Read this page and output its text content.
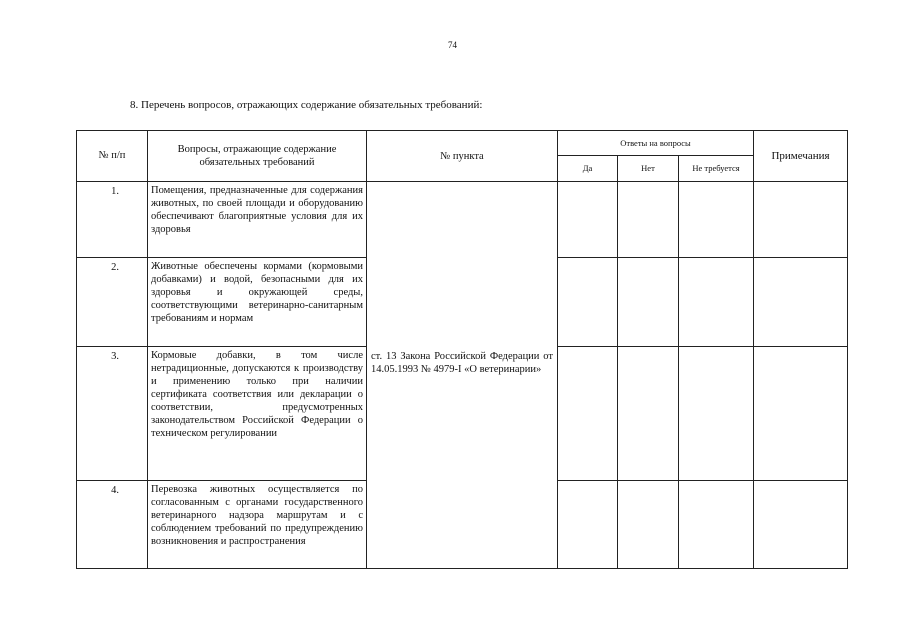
74
8. Перечень вопросов, отражающих содержание обязательных требований:
№ п/п	Вопросы, отражающие содержание обязательных требований	№ пункта	Ответы на вопросы			Примечания
			Да	Нет	Не требуется	
1.	Помещения, предназначенные для содержания животных, по своей площади и оборудованию обеспечивают благоприятные условия для их здоровья	ст. 13 Закона Российской Федерации от 14.05.1993 № 4979-I «О ветеринарии»				

2.	Животные обеспечены кормами (кормовыми добавками) и водой, безопасными для их здоровья и окружающей среды, соответствующими ветеринарно-санитарным требованиям и нормам					
3.	Кормовые добавки, в том числе нетрадиционные, допускаются к производству и применению только при наличии сертификата соответствия или декларации о соответствии, предусмотренных законодательством Российской Федерации о техническом регулировании					
4.	Перевозка животных осуществляется по согласованным с органами государственного ветеринарного надзора маршрутам и с соблюдением требований по предупреждению возникновения и распространения					
